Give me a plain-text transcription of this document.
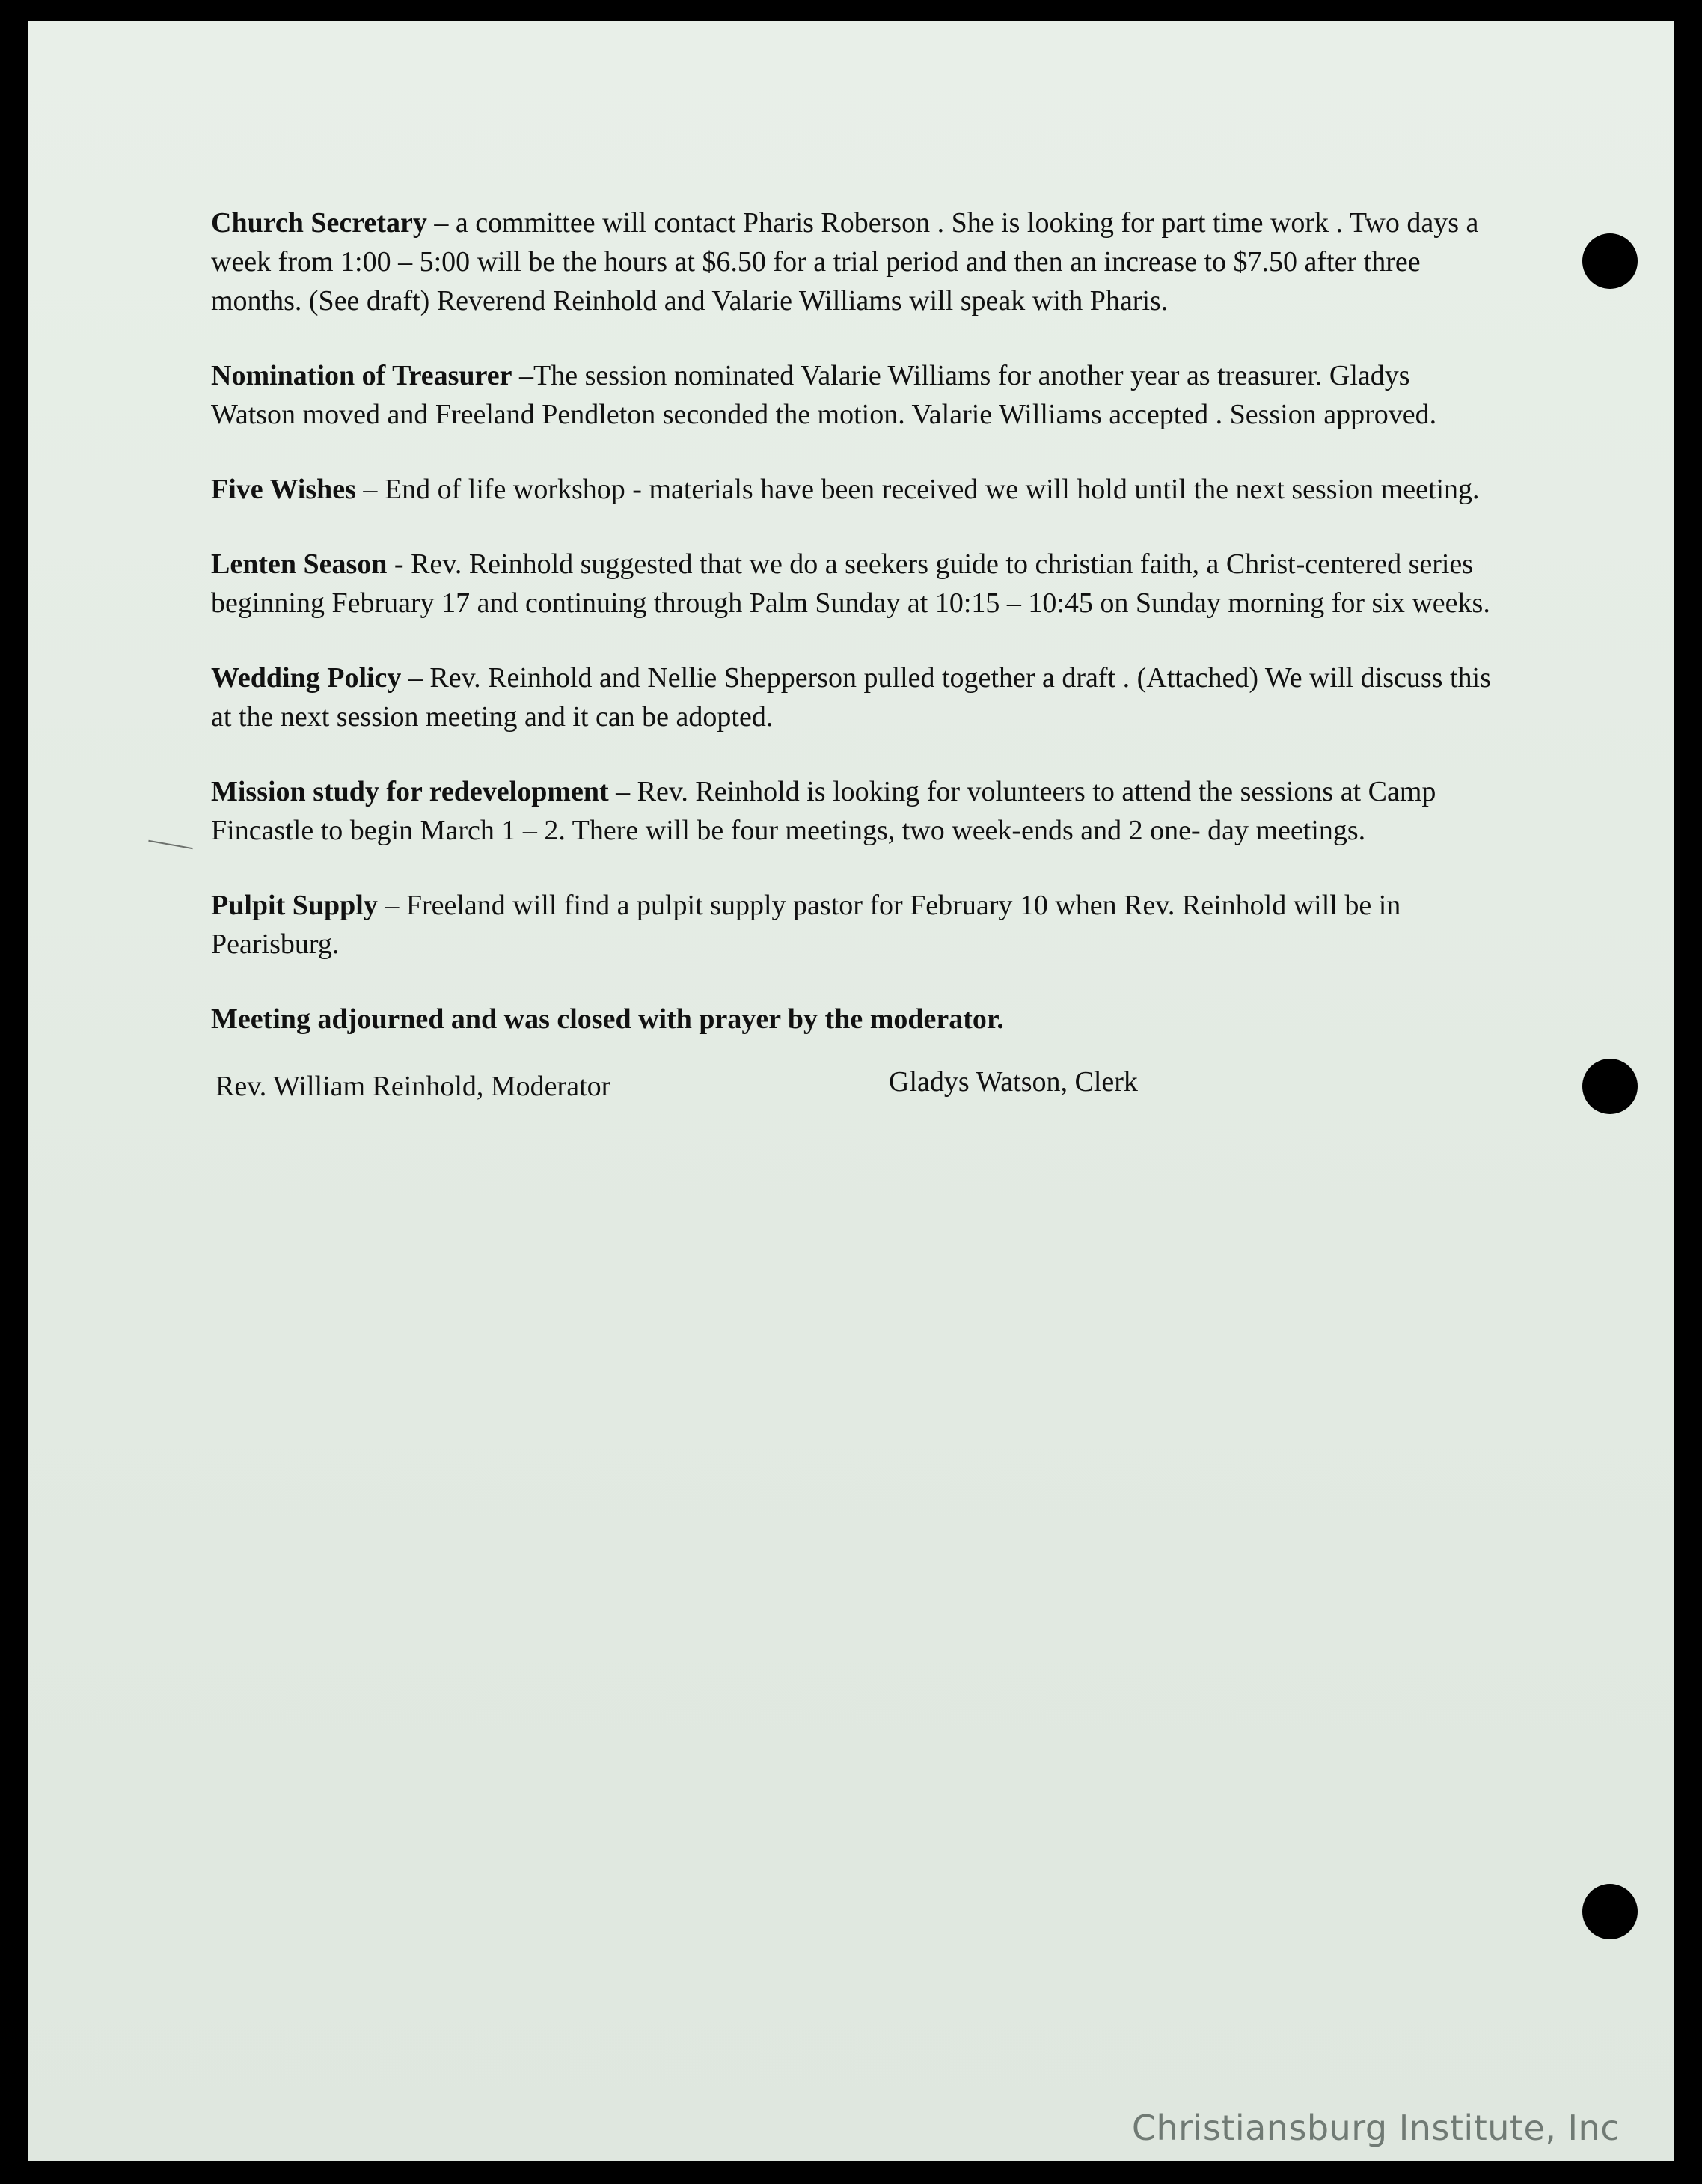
Church Secretary – a committee will contact Pharis Roberson . She is looking for part time work . Two days a week from 1:00 – 5:00 will be the hours at $6.50 for a trial period and then an increase to $7.50 after three months. (See draft) Reverend Reinhold and Valarie Williams will speak with Pharis.

Nomination of Treasurer –The session nominated Valarie Williams for another year as treasurer. Gladys Watson moved and Freeland Pendleton seconded the motion. Valarie Williams accepted . Session approved.

Five Wishes – End of life workshop - materials have been received we will hold until the next session meeting.

Lenten Season - Rev. Reinhold suggested that we do a seekers guide to christian faith, a Christ-centered series beginning February 17 and continuing through Palm Sunday at 10:15 – 10:45 on Sunday morning for six weeks.

Wedding Policy – Rev. Reinhold and Nellie Shepperson pulled together a draft . (Attached) We will discuss this at the next session meeting and it can be adopted.

Mission study for redevelopment – Rev. Reinhold is looking for volunteers to attend the sessions at Camp Fincastle to begin March 1 – 2. There will be four meetings, two week-ends and 2 one- day meetings.

Pulpit Supply – Freeland will find a pulpit supply pastor for February 10 when Rev. Reinhold will be in Pearisburg.

Meeting adjourned and was closed with prayer by the moderator.

Rev. William Reinhold, Moderator	Gladys Watson, Clerk
Christiansburg Institute, Inc
